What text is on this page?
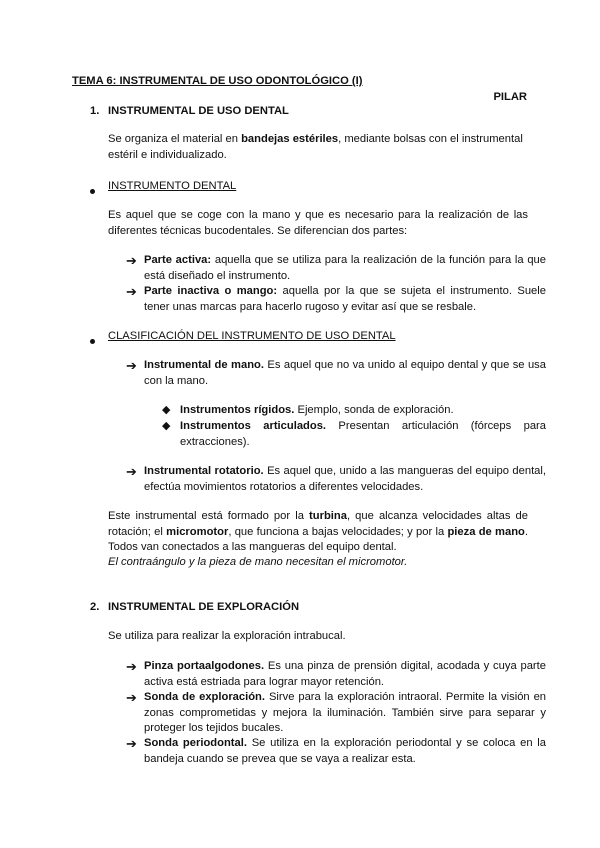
TEMA 6: INSTRUMENTAL DE USO ODONTOLÓGICO (I)
PILAR
1. INSTRUMENTAL DE USO DENTAL
Se organiza el material en bandejas estériles, mediante bolsas con el instrumental estéril e individualizado.
INSTRUMENTO DENTAL
Es aquel que se coge con la mano y que es necesario para la realización de las diferentes técnicas bucodentales. Se diferencian dos partes:
➔ Parte activa: aquella que se utiliza para la realización de la función para la que está diseñado el instrumento.
➔ Parte inactiva o mango: aquella por la que se sujeta el instrumento. Suele tener unas marcas para hacerlo rugoso y evitar así que se resbale.
CLASIFICACIÓN DEL INSTRUMENTO DE USO DENTAL
➔ Instrumental de mano. Es aquel que no va unido al equipo dental y que se usa con la mano.
◆ Instrumentos rígidos. Ejemplo, sonda de exploración.
◆ Instrumentos articulados. Presentan articulación (fórceps para extracciones).
➔ Instrumental rotatorio. Es aquel que, unido a las mangueras del equipo dental, efectúa movimientos rotatorios a diferentes velocidades.
Este instrumental está formado por la turbina, que alcanza velocidades altas de rotación; el micromotor, que funciona a bajas velocidades; y por la pieza de mano. Todos van conectados a las mangueras del equipo dental.
El contraángulo y la pieza de mano necesitan el micromotor.
2. INSTRUMENTAL DE EXPLORACIÓN
Se utiliza para realizar la exploración intrabucal.
➔ Pinza portaalgodones. Es una pinza de prensión digital, acodada y cuya parte activa está estriada para lograr mayor retención.
➔ Sonda de exploración. Sirve para la exploración intraoral. Permite la visión en zonas comprometidas y mejora la iluminación. También sirve para separar y proteger los tejidos bucales.
➔ Sonda periodontal. Se utiliza en la exploración periodontal y se coloca en la bandeja cuando se prevea que se vaya a realizar esta.
